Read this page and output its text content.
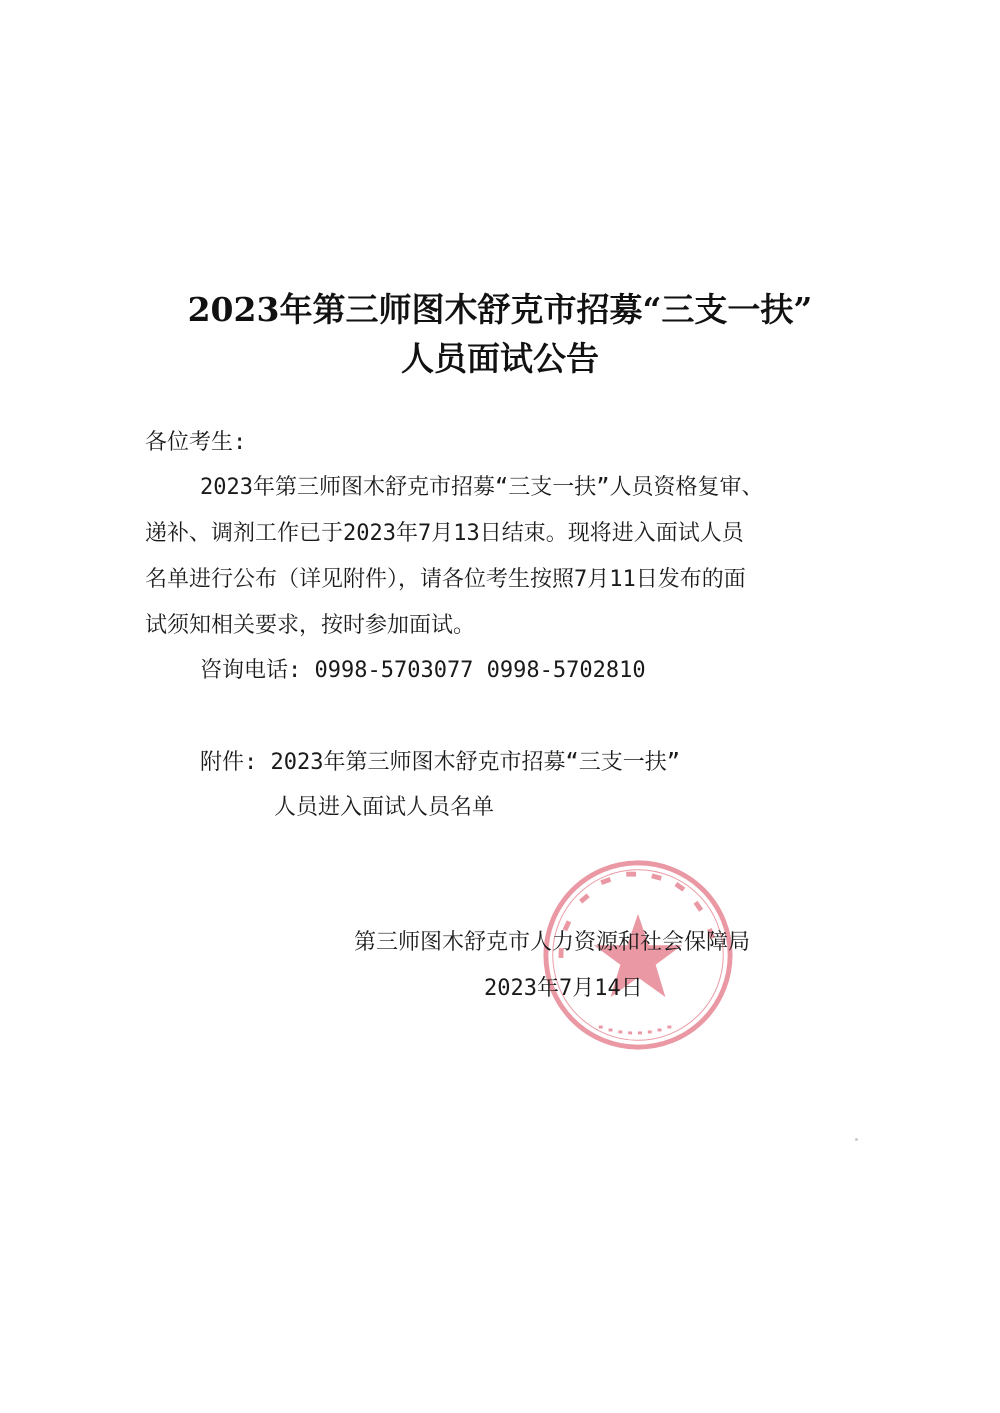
2023年第三师图木舒克市招募“三支一扶”
人员面试公告
各位考生:
2023年第三师图木舒克市招募“三支一扶”人员资格复审、
递补、调剂工作已于2023年7月13日结束。现将进入面试人员
名单进行公布（详见附件），请各位考生按照7月11日发布的面
试须知相关要求，按时参加面试。
咨询电话: 0998-5703077 0998-5702810
附件: 2023年第三师图木舒克市招募“三支一扶”
人员进入面试人员名单
第三师图木舒克市人力资源和社会保障局
2023年7月14日
